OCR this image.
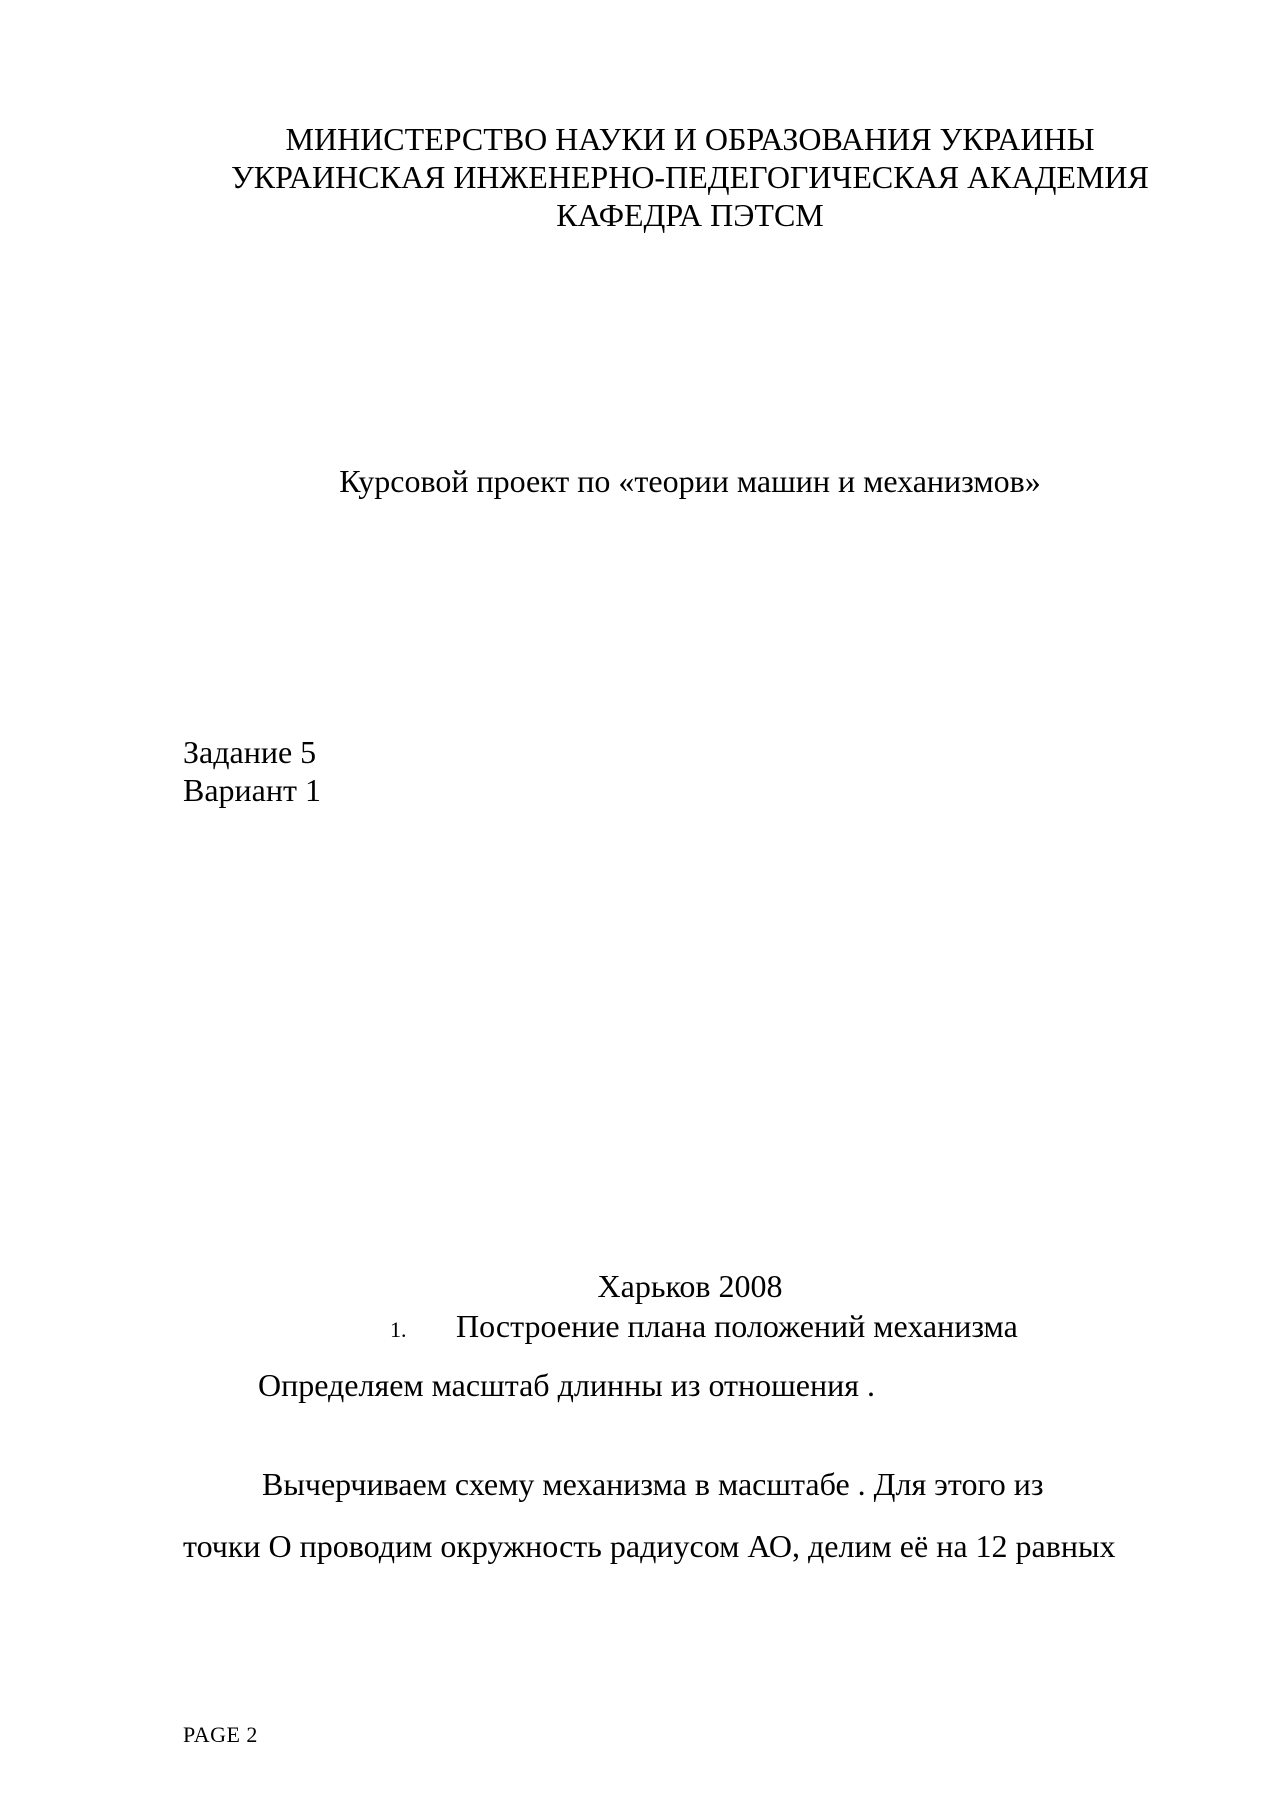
МИНИСТЕРСТВО НАУКИ И ОБРАЗОВАНИЯ УКРАИНЫ
УКРАИНСКАЯ ИНЖЕНЕРНО-ПЕДЕГОГИЧЕСКАЯ АКАДЕМИЯ
КАФЕДРА ПЭТСМ
Курсовой проект по «теории машин и механизмов»
Задание 5
Вариант 1
Харьков 2008
1. Построение плана положений механизма
Определяем масштаб длинны из отношения .
Вычерчиваем схему механизма в масштабе . Для этого из
точки О проводим окружность радиусом АО, делим её на 12 равных
PAGE 2
